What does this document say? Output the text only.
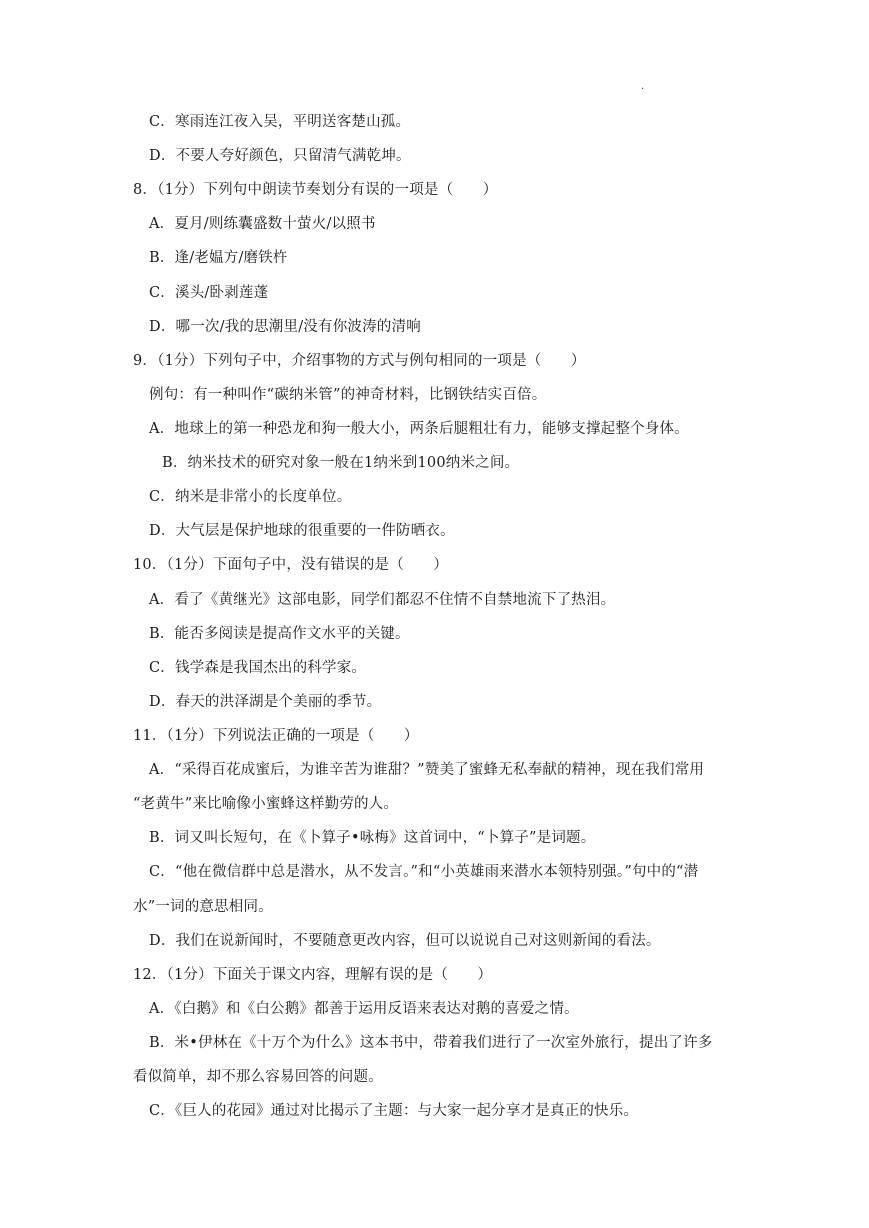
.
C．寒雨连江夜入吴，平明送客楚山孤。
D．不要人夸好颜色，只留清气满乾坤。
8．（1分）下列句中朗读节奏划分有误的一项是（　　）
A．夏月/则练囊盛数十萤火/以照书
B．逢/老媪方/磨铁杵
C．溪头/卧剥莲蓬
D．哪一次/我的思潮里/没有你波涛的清响
9．（1分）下列句子中，介绍事物的方式与例句相同的一项是（　　）
例句：有一种叫作“碳纳米管”的神奇材料，比钢铁结实百倍。
A．地球上的第一种恐龙和狗一般大小，两条后腿粗壮有力，能够支撑起整个身体。
B．纳米技术的研究对象一般在1纳米到100纳米之间。
C．纳米是非常小的长度单位。
D．大气层是保护地球的很重要的一件防晒衣。
10．（1分）下面句子中，没有错误的是（　　）
A．看了《黄继光》这部电影，同学们都忍不住情不自禁地流下了热泪。
B．能否多阅读是提高作文水平的关键。
C．钱学森是我国杰出的科学家。
D．春天的洪泽湖是个美丽的季节。
11．（1分）下列说法正确的一项是（　　）
A．“采得百花成蜜后，为谁辛苦为谁甜？”赞美了蜜蜂无私奉献的精神，现在我们常用
“老黄牛”来比喻像小蜜蜂这样勤劳的人。
B．词又叫长短句，在《卜算子•咏梅》这首词中，“卜算子”是词题。
C．“他在微信群中总是潜水，从不发言。”和“小英雄雨来潜水本领特别强。”句中的“潜
水”一词的意思相同。
D．我们在说新闻时，不要随意更改内容，但可以说说自己对这则新闻的看法。
12．（1分）下面关于课文内容，理解有误的是（　　）
A．《白鹅》和《白公鹅》都善于运用反语来表达对鹅的喜爱之情。
B．米•伊林在《十万个为什么》这本书中，带着我们进行了一次室外旅行，提出了许多
看似简单，却不那么容易回答的问题。
C．《巨人的花园》通过对比揭示了主题：与大家一起分享才是真正的快乐。
